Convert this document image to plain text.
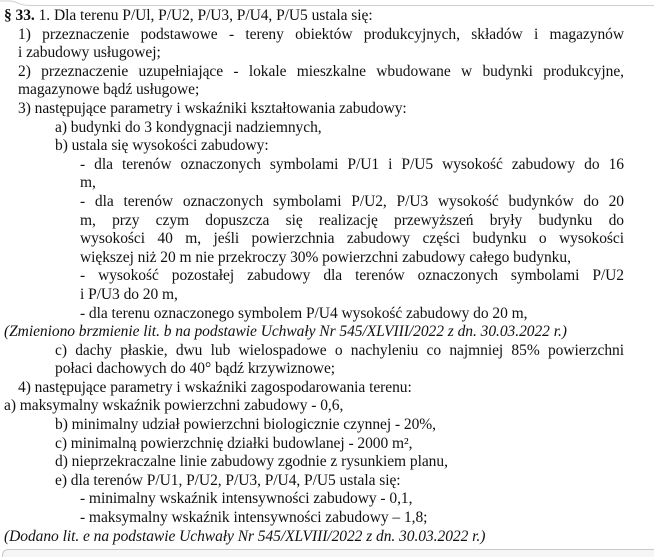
§ 33. 1. Dla terenu P/Ul, P/U2, P/U3, P/U4, P/U5 ustala się:
1) przeznaczenie podstawowe - tereny obiektów produkcyjnych, składów i magazynów
i zabudowy usługowej;
2) przeznaczenie uzupełniające - lokale mieszkalne wbudowane w budynki produkcyjne,
magazynowe bądź usługowe;
3) następujące parametry i wskaźniki kształtowania zabudowy:
a) budynki do 3 kondygnacji nadziemnych,
b) ustala się wysokości zabudowy:
- dla terenów oznaczonych symbolami P/U1 i P/U5 wysokość zabudowy do 16
m,
- dla terenów oznaczonych symbolami P/U2, P/U3 wysokość budynków do 20
m, przy czym dopuszcza się realizację przewyższeń bryły budynku do
wysokości 40 m, jeśli powierzchnia zabudowy części budynku o wysokości
większej niż 20 m nie przekroczy 30% powierzchni zabudowy całego budynku,
- wysokość pozostałej zabudowy dla terenów oznaczonych symbolami P/U2
i P/U3 do 20 m,
- dla terenu oznaczonego symbolem P/U4 wysokość zabudowy do 20 m,
(Zmieniono brzmienie lit. b na podstawie Uchwały Nr 545/XLVIII/2022 z dn. 30.03.2022 r.)
c) dachy płaskie, dwu lub wielospadowe o nachyleniu co najmniej 85% powierzchni
połaci dachowych do 40° bądź krzywiznowe;
4) następujące parametry i wskaźniki zagospodarowania terenu:
a) maksymalny wskaźnik powierzchni zabudowy - 0,6,
b) minimalny udział powierzchni biologicznie czynnej - 20%,
c) minimalną powierzchnię działki budowlanej - 2000 m²,
d) nieprzekraczalne linie zabudowy zgodnie z rysunkiem planu,
e) dla terenów P/U1, P/U2, P/U3, P/U4, P/U5 ustala się:
- minimalny wskaźnik intensywności zabudowy - 0,1,
- maksymalny wskaźnik intensywności zabudowy – 1,8;
(Dodano lit. e na podstawie Uchwały Nr 545/XLVIII/2022 z dn. 30.03.2022 r.)
